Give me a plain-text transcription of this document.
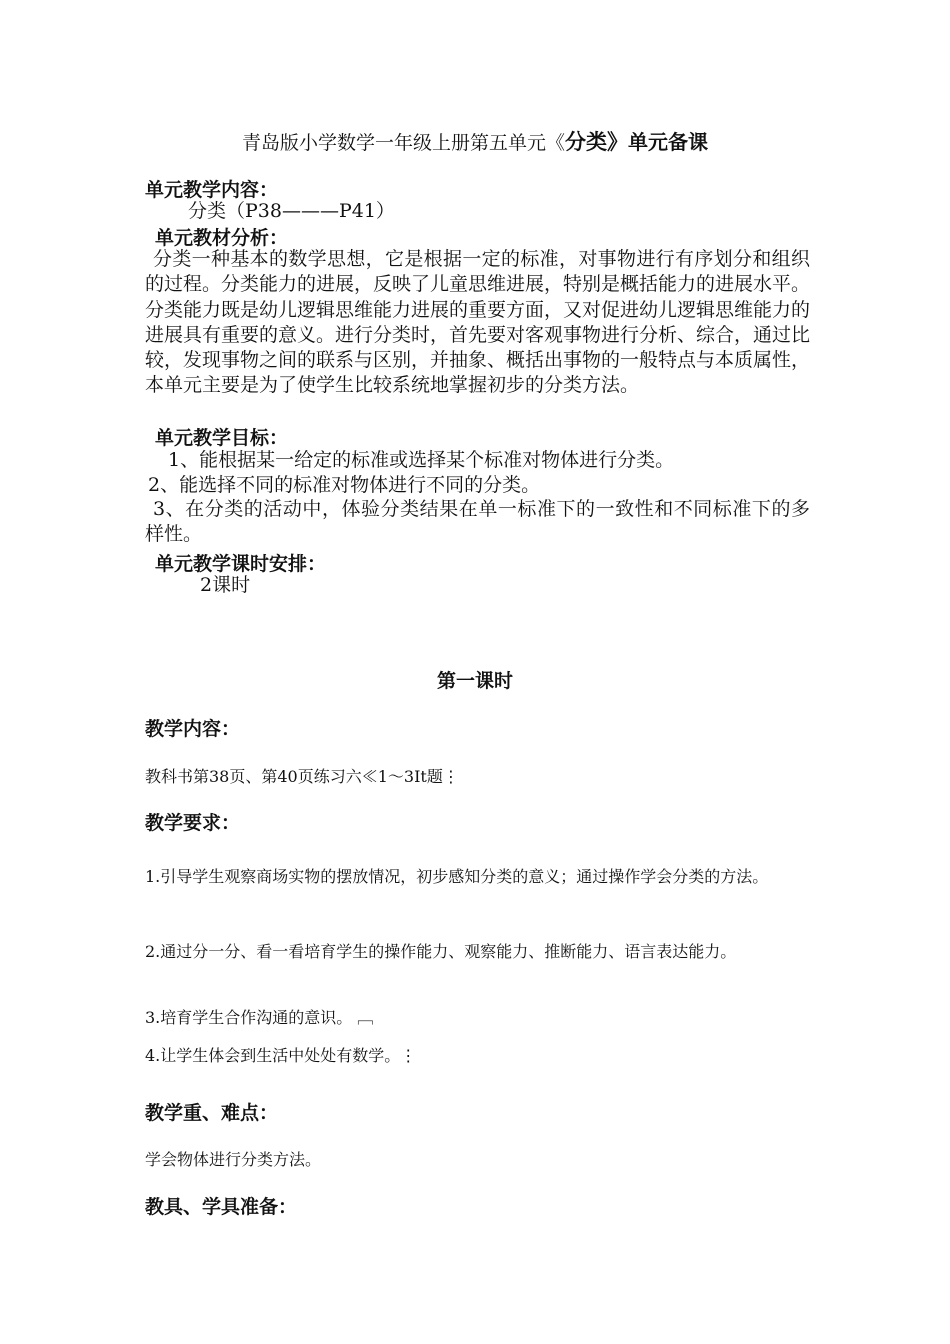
青岛版小学数学一年级上册第五单元《分类》单元备课
单元教学内容：
分类（P38———P41）
单元教材分析：
分类一种基本的数学思想，它是根据一定的标准，对事物进行有序划分和组织的过程。分类能力的进展，反映了儿童思维进展，特别是概括能力的进展水平。分类能力既是幼儿逻辑思维能力进展的重要方面，又对促进幼儿逻辑思维能力的进展具有重要的意义。进行分类时，首先要对客观事物进行分析、综合，通过比较，发现事物之间的联系与区别，并抽象、概括出事物的一般特点与本质属性，本单元主要是为了使学生比较系统地掌握初步的分类方法。
单元教学目标：
1、能根据某一给定的标准或选择某个标准对物体进行分类。
2、能选择不同的标准对物体进行不同的分类。
3、在分类的活动中，体验分类结果在单一标准下的一致性和不同标准下的多样性。
单元教学课时安排：
2课时
第一课时
教学内容：
教科书第38页、第40页练习六≪1～3Ⅰt题⋮
教学要求：
1.引导学生观察商场实物的摆放情况，初步感知分类的意义；通过操作学会分类的方法。
2.通过分一分、看一看培育学生的操作能力、观察能力、推断能力、语言表达能力。
3.培育学生合作沟通的意识。 ﹇
4.让学生体会到生活中处处有数学。⋮
教学重、难点：
学会物体进行分类方法。
教具、学具准备：
